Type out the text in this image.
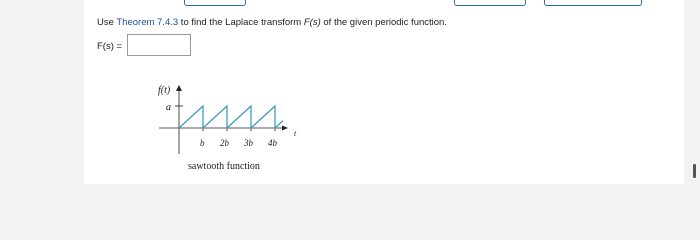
Use Theorem 7.4.3 to find the Laplace transform F(s) of the given periodic function.
F(s) =
f(t)
a
t
b 2b 3b 4b
sawtooth function
